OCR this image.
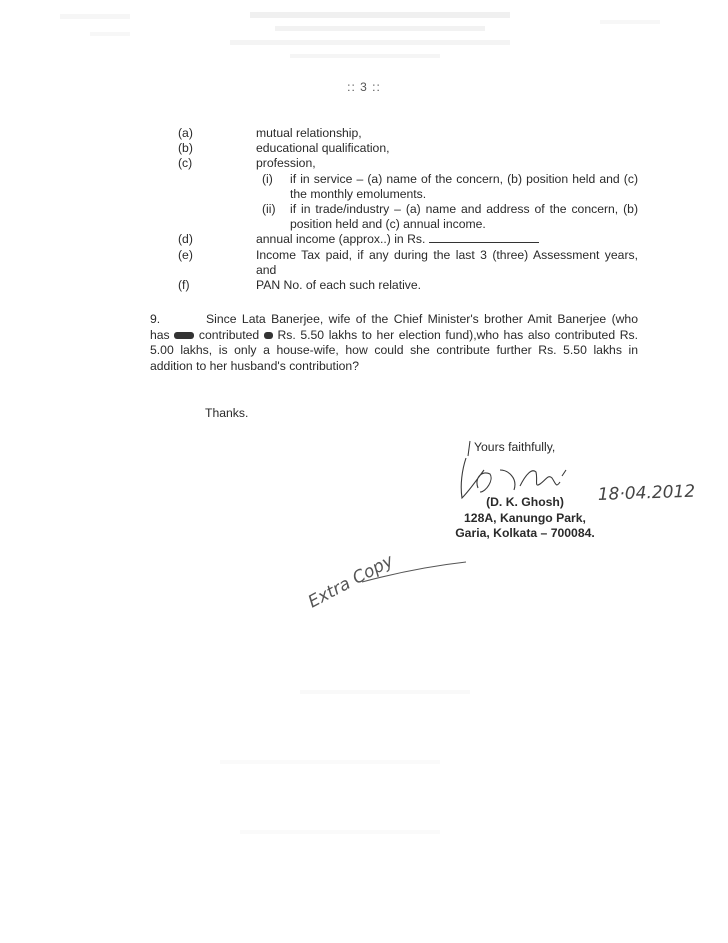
:: 3 ::
(a)	mutual relationship,
(b)	educational qualification,
(c)	profession,
(i)	if in service – (a) name of the concern, (b) position held and (c) the monthly emoluments.
(ii)	if in trade/industry – (a) name and address of the concern, (b) position held and (c) annual income.
(d)	annual income (approx..) in Rs.
(e)	Income Tax paid, if any during the last 3 (three) Assessment years, and
(f)	PAN No. of each such relative.
9.	Since Lata Banerjee, wife of the Chief Minister's brother Amit Banerjee (who has contributed Rs. 5.50 lakhs to her election fund),who has also contributed Rs. 5.00 lakhs, is only a house-wife, how could she contribute further Rs. 5.50 lakhs in addition to her husband's contribution?
Thanks.
Yours faithfully,
(D. K. Ghosh)
128A, Kanungo Park,
Garia, Kolkata – 700084.
18·04.2012
Extra Copy
